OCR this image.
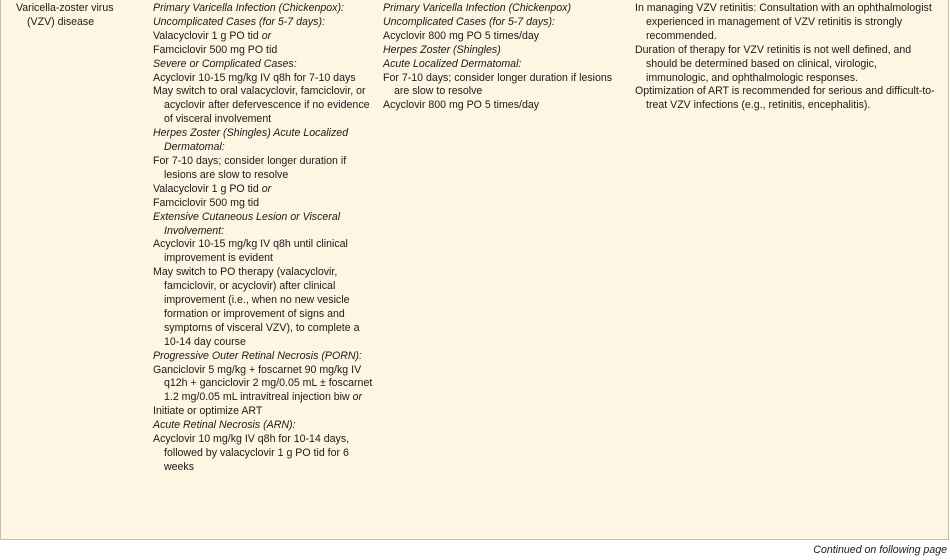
Varicella-zoster virus
(VZV) disease
Primary Varicella Infection (Chickenpox):
Uncomplicated Cases (for 5-7 days):
Valacyclovir 1 g PO tid or
Famciclovir 500 mg PO tid
Severe or Complicated Cases:
Acyclovir 10-15 mg/kg IV q8h for 7-10 days
May switch to oral valacyclovir, famciclovir, or acyclovir after defervescence if no evidence of visceral involvement
Herpes Zoster (Shingles) Acute Localized Dermatomal:
For 7-10 days; consider longer duration if lesions are slow to resolve
Valacyclovir 1 g PO tid or
Famciclovir 500 mg tid
Extensive Cutaneous Lesion or Visceral Involvement:
Acyclovir 10-15 mg/kg IV q8h until clinical improvement is evident
May switch to PO therapy (valacyclovir, famciclovir, or acyclovir) after clinical improvement (i.e., when no new vesicle formation or improvement of signs and symptoms of visceral VZV), to complete a 10-14 day course
Progressive Outer Retinal Necrosis (PORN):
Ganciclovir 5 mg/kg + foscarnet 90 mg/kg IV q12h + ganciclovir 2 mg/0.05 mL ± foscarnet 1.2 mg/0.05 mL intravitreal injection biw or
Initiate or optimize ART
Acute Retinal Necrosis (ARN):
Acyclovir 10 mg/kg IV q8h for 10-14 days, followed by valacyclovir 1 g PO tid for 6 weeks
Primary Varicella Infection (Chickenpox)
Uncomplicated Cases (for 5-7 days):
Acyclovir 800 mg PO 5 times/day
Herpes Zoster (Shingles)
Acute Localized Dermatomal:
For 7-10 days; consider longer duration if lesions are slow to resolve
Acyclovir 800 mg PO 5 times/day
In managing VZV retinitis: Consultation with an ophthalmologist experienced in management of VZV retinitis is strongly recommended.
Duration of therapy for VZV retinitis is not well defined, and should be determined based on clinical, virologic, immunologic, and ophthalmologic responses.
Optimization of ART is recommended for serious and difficult-to-treat VZV infections (e.g., retinitis, encephalitis).
Continued on following page
